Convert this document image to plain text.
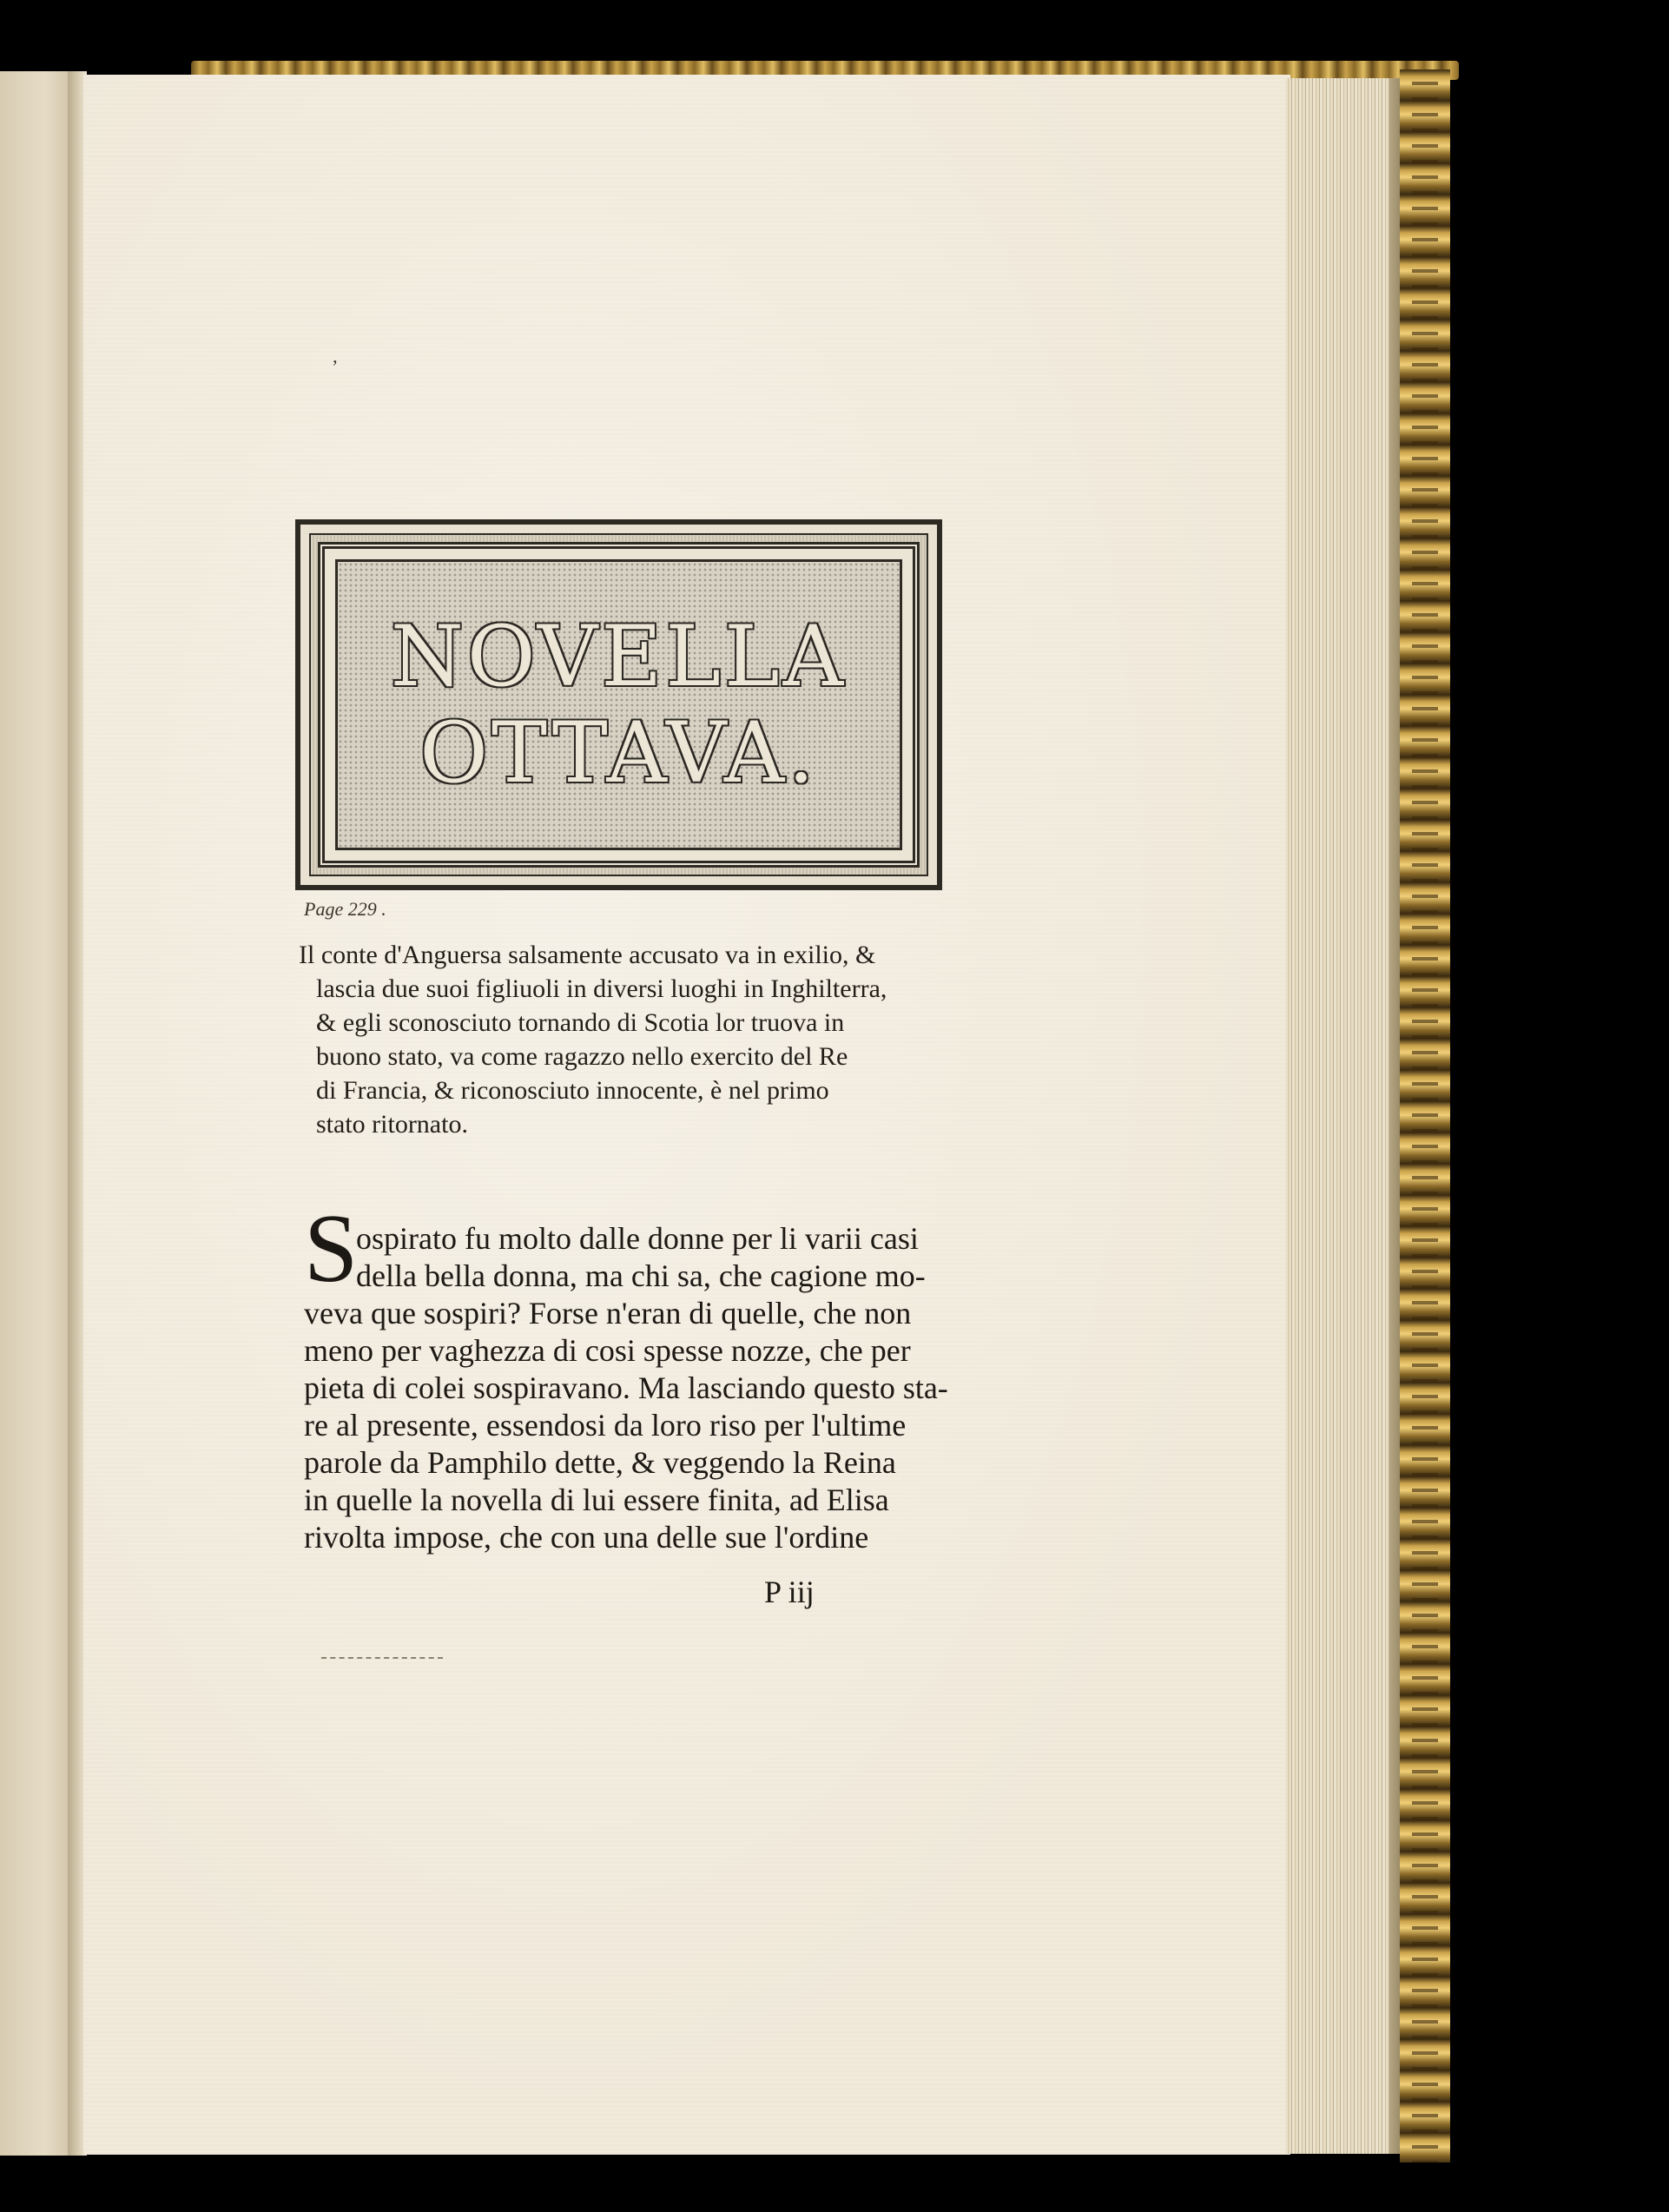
ʼ
NOVELLA
OTTAVA.
Page 229 .
Il conte d'Anguersa salsamente accusato va in exilio, &
lascia due suoi figliuoli in diversi luoghi in Inghilterra,
& egli sconosciuto tornando di Scotia lor truova in
buono stato, va come ragazzo nello exercito del Re
di Francia, & riconosciuto innocente, è nel primo
stato ritornato.
S
ospirato fu molto dalle donne per li varii casi
della bella donna, ma chi sa, che cagione mo-
veva que sospiri? Forse n'eran di quelle, che non
meno per vaghezza di cosi spesse nozze, che per
pieta di colei sospiravano. Ma lasciando questo sta-
re al presente, essendosi da loro riso per l'ultime
parole da Pamphilo dette, & veggendo la Reina
in quelle la novella di lui essere finita, ad Elisa
rivolta impose, che con una delle sue l'ordine
P iij
